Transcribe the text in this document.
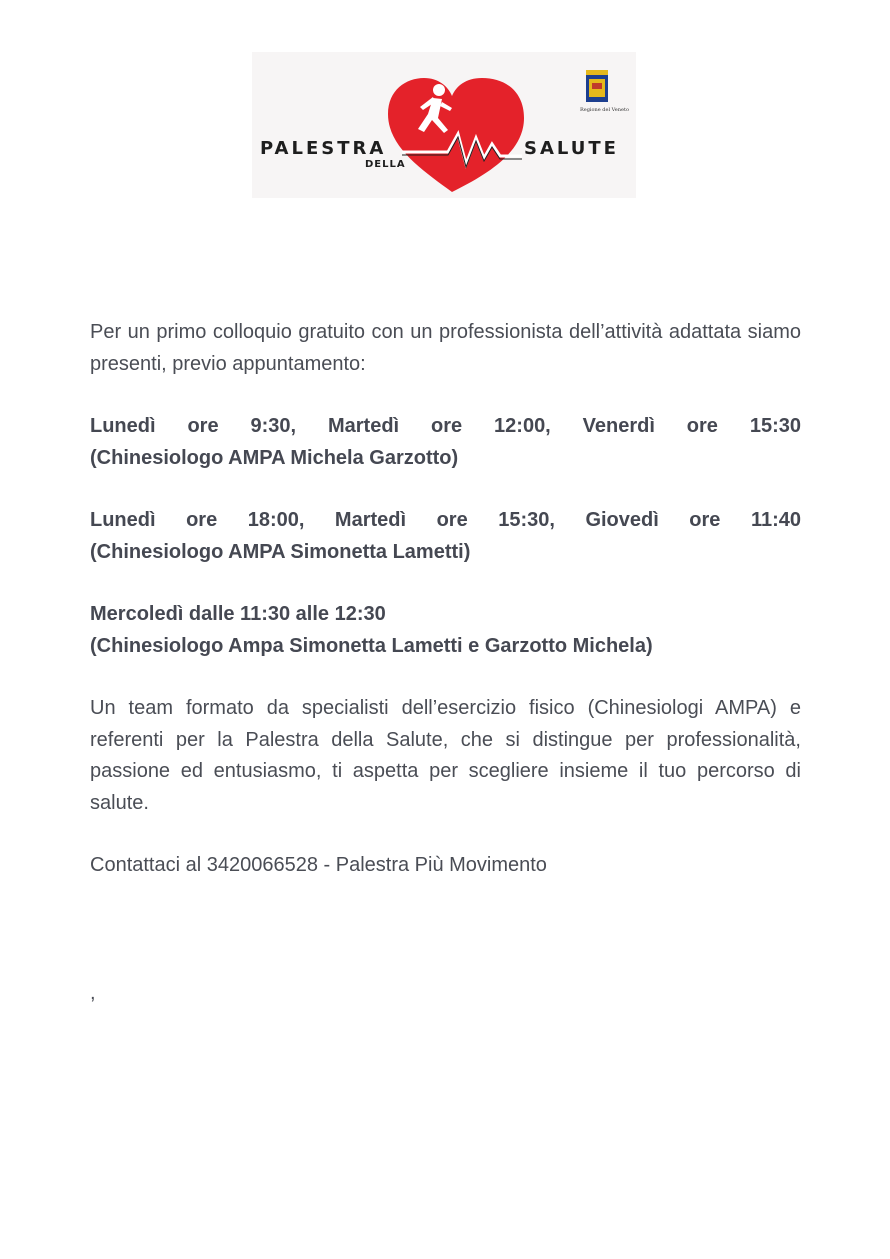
PALESTRA
DELLA
SALUTE
Regione del Veneto

Per un primo colloquio gratuito con un professionista dell’attività adattata siamo presenti, previo appuntamento:

Lunedì ore 9:30, Martedì ore 12:00, Venerdì ore 15:30
(Chinesiologo AMPA Michela Garzotto)

Lunedì ore 18:00, Martedì ore 15:30, Giovedì ore 11:40
(Chinesiologo AMPA Simonetta Lametti)

Mercoledì dalle 11:30 alle 12:30
(Chinesiologo Ampa Simonetta Lametti e Garzotto Michela)

Un team formato da specialisti dell’esercizio fisico (Chinesiologi AMPA) e referenti per la Palestra della Salute, che si distingue per professionalità, passione ed entusiasmo, ti aspetta per scegliere insieme il tuo percorso di salute.

Contattaci al 3420066528 - Palestra Più Movimento

,
